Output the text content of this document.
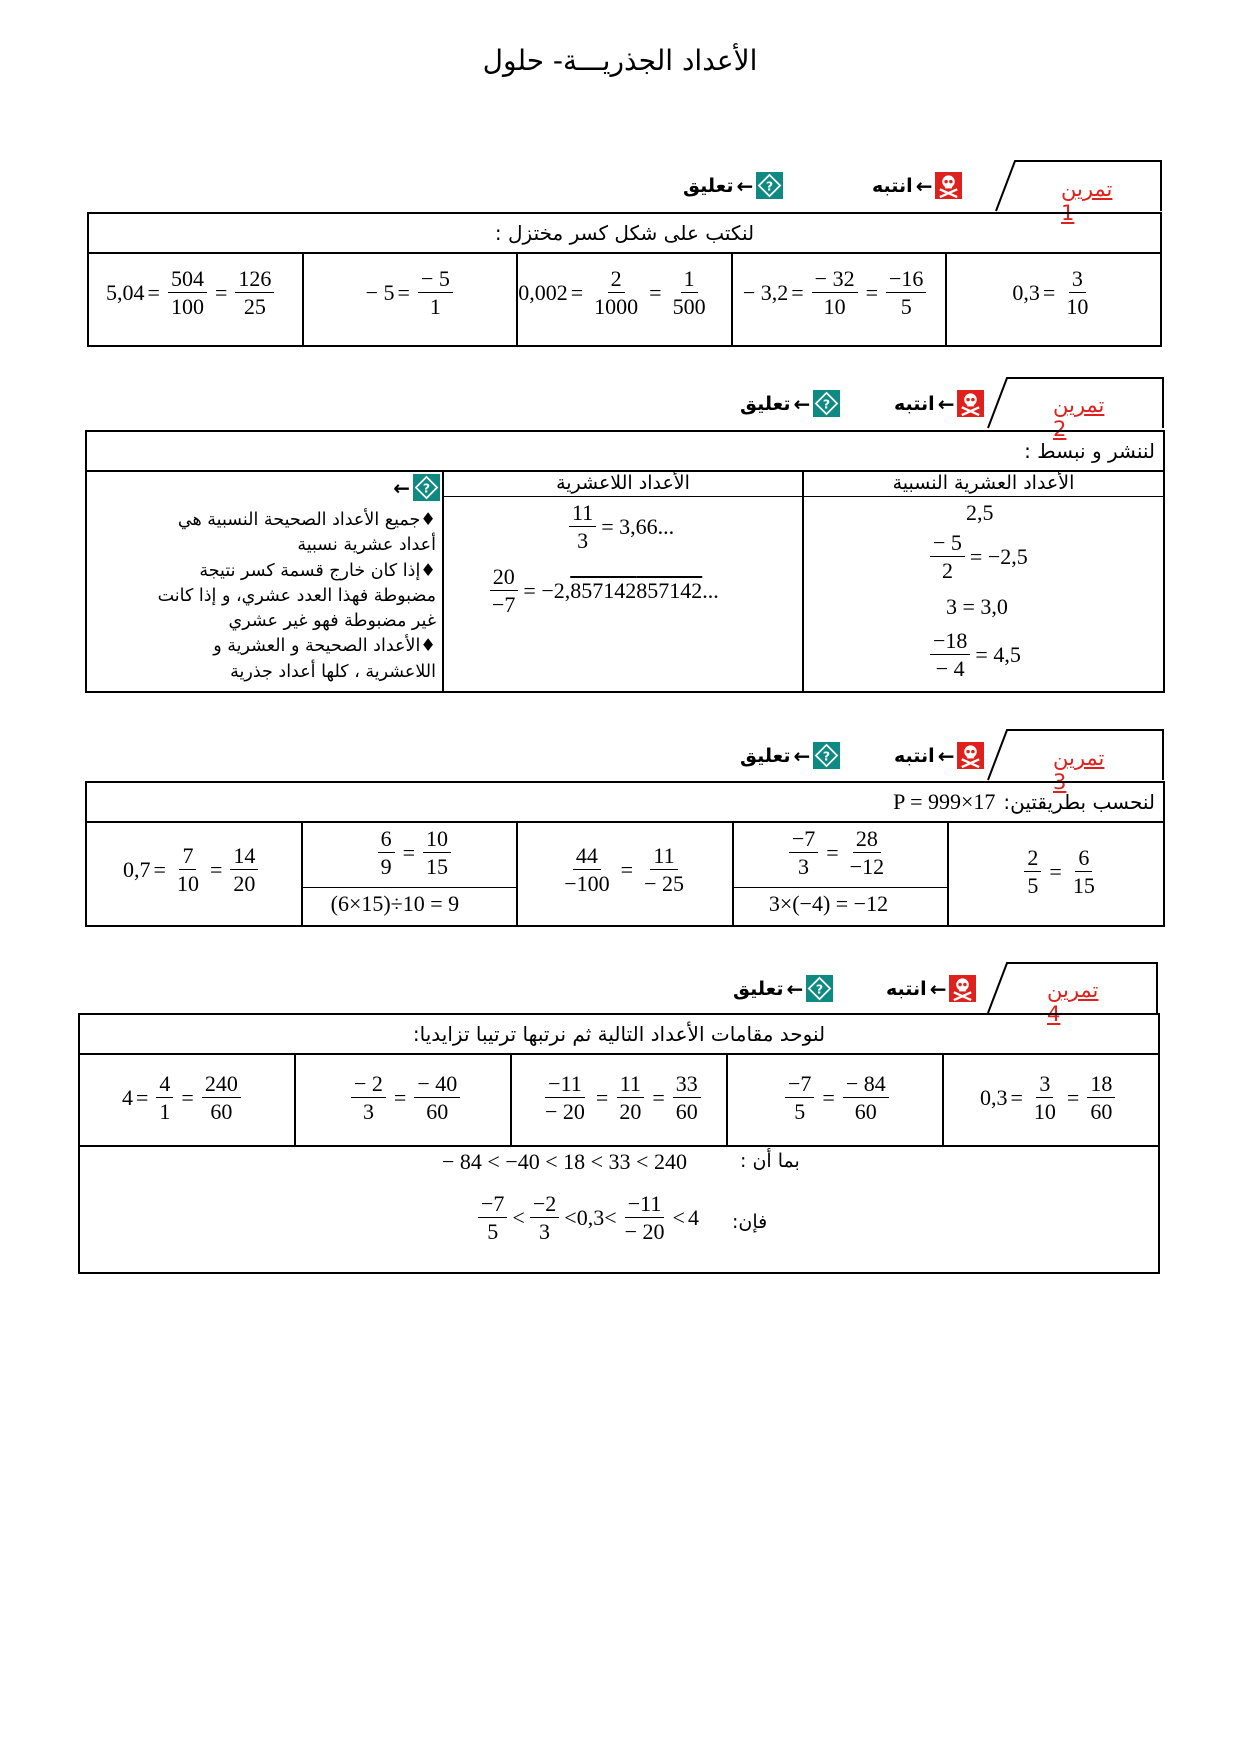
الأعداد الجذريـــة- حلول
تمرين 1
←
انتبه
←
تعليق
لنكتب على شكل كسر مختزل :
$0,3 = \frac{3}{10}$
− $3,2 = \frac{- 32}{10} = \frac{-16}{5}$
$0,002 = \frac{2}{1000} = \frac{1}{500}$
− $5 = \frac{- 5}{1}$
$5,04 = \frac{504}{100} = \frac{126}{25}$
تمرين 2
←
انتبه
←
تعليق
لننشر و نبسط :
الأعداد العشرية النسبية
2,5
$\frac{- 5}{2} = -2,5$
3 = 3,0
$\frac{-18}{- 4} = 4,5$
الأعداد اللاعشرية
$\frac{11}{3} = 3,66$...
$\frac{20}{-7} = -2$, 857142 857142 ...
←
♦جميع الأعداد الصحيحة النسبية هي
أعداد عشرية نسبية
♦إذا كان خارج قسمة كسر نتيجة
مضبوطة فهذا العدد عشري، و إذا كانت
غير مضبوطة فهو غير عشري
♦الأعداد الصحيحة و العشرية و
اللاعشرية ، كلها أعداد جذرية
تمرين 3
←
انتبه
←
تعليق
لنحسب بطريقتين:
P = 999×17
$\frac{2}{5} = \frac{6}{15}$
$\frac{-7}{3} = \frac{28}{-12}$
3×(−4) = −12
$\frac{44}{-100} = \frac{11}{- 25}$
$\frac{6}{9} = \frac{10}{15}$
(6×15)÷10 = 9
$0,7 = \frac{7}{10} = \frac{14}{20}$
تمرين 4
←
انتبه
←
تعليق
لنوحد مقامات الأعداد التالية ثم نرتبها ترتيبا تزايديا:
$0,3 = \frac{3}{10} = \frac{18}{60}$
$\frac{-7}{5} = \frac{- 84}{60}$
$\frac{-11}{- 20} = \frac{11}{20} = \frac{33}{60}$
$\frac{- 2}{3} = \frac{- 40}{60}$
$4 = \frac{4}{1} = \frac{240}{60}$
بما أن :
− 84 < −40 < 18 < 33 < 240
فإن:
$\frac{-7}{5} < \frac{-2}{3} < 0,3 < \frac{-11}{- 20} < 4$
